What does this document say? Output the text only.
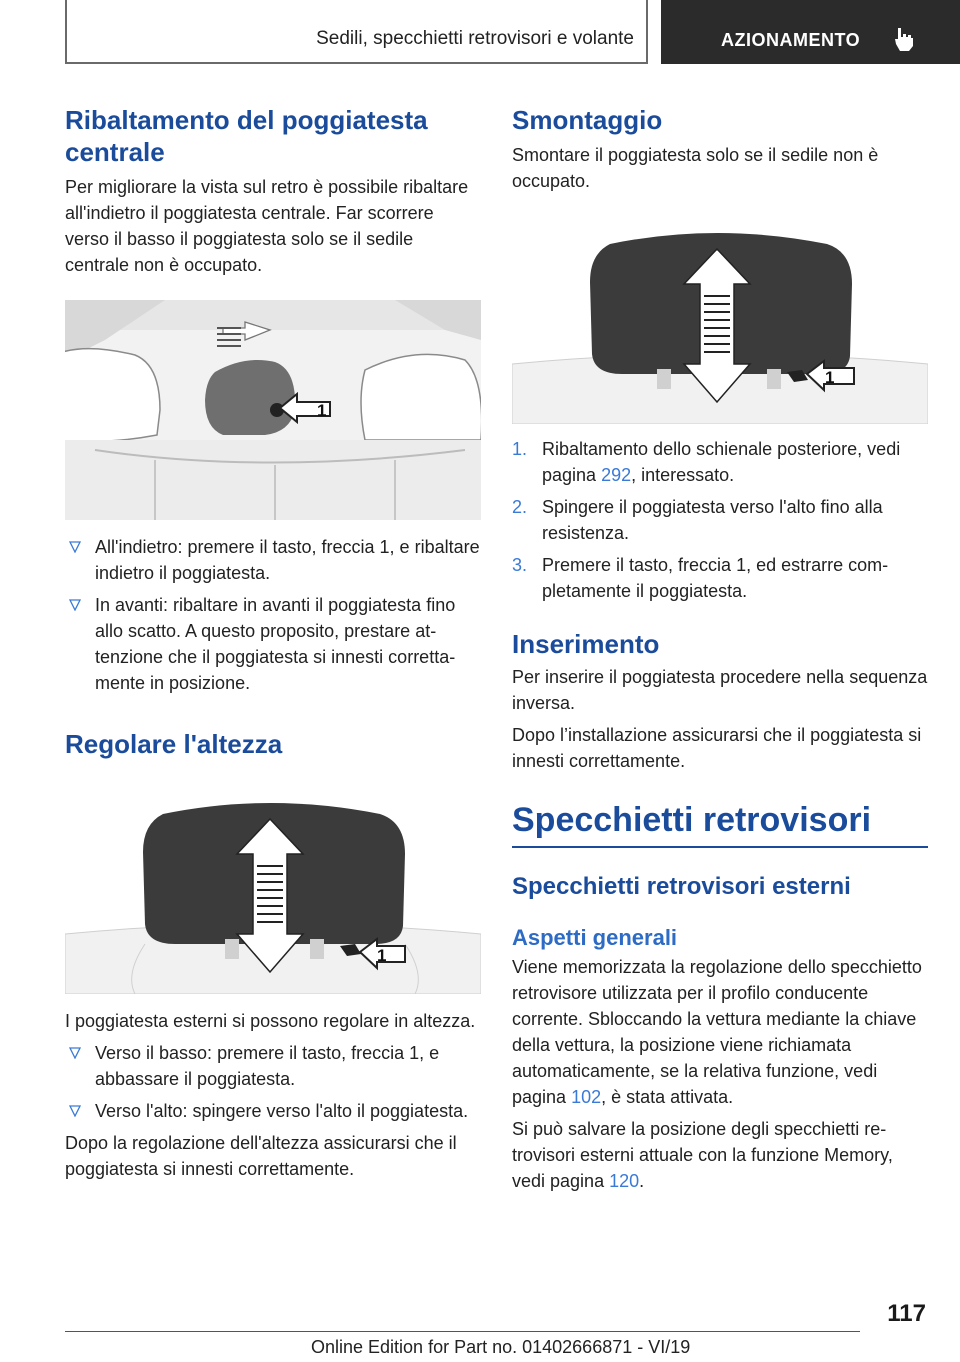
Sedili, specchietti retrovisori e volante	AZIONAMENTO
Ribaltamento del poggiatesta centrale

Per migliorare la vista sul retro è possibile ribaltare all'indietro il poggiatesta centrale. Far scorrere verso il basso il poggiatesta solo se il sedile centrale non è occupato.

1
All'indietro: premere il tasto, freccia 1, e ribaltare indietro il poggiatesta.
In avanti: ribaltare in avanti il poggiatesta fino allo scatto. A questo proposito, prestare attenzione che il poggiatesta si innesti correttamente in posizione.
Regolare l'altezza
1

I poggiatesta esterni si possono regolare in altezza.

Verso il basso: premere il tasto, freccia 1, e abbassare il poggiatesta.
Verso l'alto: spingere verso l'alto il poggiatesta.

Dopo la regolazione dell'altezza assicurarsi che il poggiatesta si innesti correttamente.

Smontaggio

Smontare il poggiatesta solo se il sedile non è occupato.

1
1. Ribaltamento dello schienale posteriore, vedi pagina 292, interessato.
2. Spingere il poggiatesta verso l'alto fino alla resistenza.
3. Premere il tasto, freccia 1, ed estrarre completamente il poggiatesta.
Inserimento

Per inserire il poggiatesta procedere nella sequenza inversa.

Dopo l’installazione assicurarsi che il poggiatesta si innesti correttamente.

Specchietti retrovisori
Specchietti retrovisori esterni
Aspetti generali

Viene memorizzata la regolazione dello specchietto retrovisore utilizzata per il profilo conducente corrente. Sbloccando la vettura mediante la chiave della vettura, la posizione viene richiamata automaticamente, se la relativa funzione, vedi pagina 102, è stata attivata.

Si può salvare la posizione degli specchietti retrovisori esterni attuale con la funzione Memory, vedi pagina 120.

117
Online Edition for Part no. 01402666871 - VI/19
